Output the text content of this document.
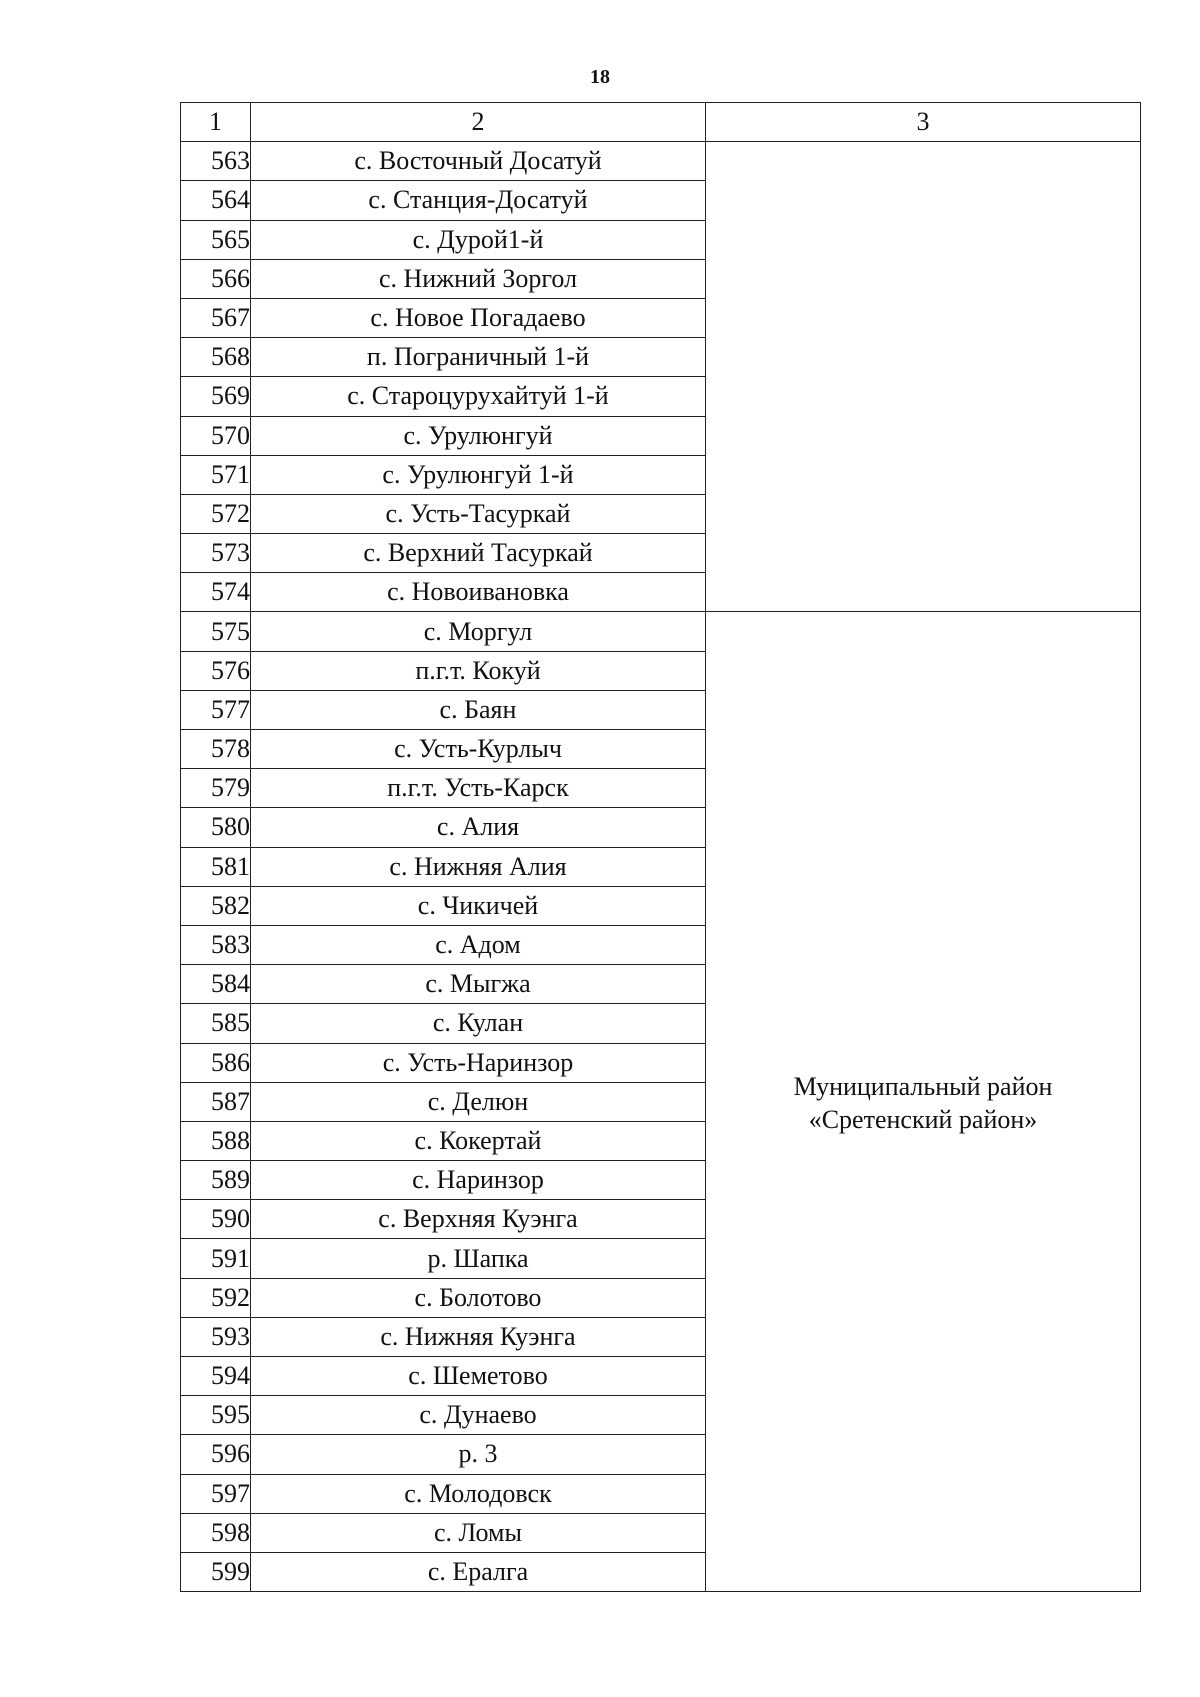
18
1	2	3
563	с. Восточный Досатуй	

564	с. Станция-Досатуй	
565	с. Дурой1-й	
566	с. Нижний Зоргол	
567	с. Новое Погадаево	
568	п. Пограничный 1-й	
569	с. Староцурухайтуй 1-й	
570	с. Урулюнгуй	
571	с. Урулюнгуй 1-й	
572	с. Усть-Тасуркай	
573	с. Верхний Тасуркай	
574	с. Новоивановка	
575	с. Моргул	Муниципальный район
«Сретенский район»

576	п.г.т. Кокуй	
577	с. Баян	
578	с. Усть-Курлыч	
579	п.г.т. Усть-Карск	
580	с. Алия	
581	с. Нижняя Алия	
582	с. Чикичей	
583	с. Адом	
584	с. Мыгжа	
585	с. Кулан	
586	с. Усть-Наринзор	
587	с. Делюн	
588	с. Кокертай	
589	с. Наринзор	
590	с. Верхняя Куэнга	
591	р. Шапка	
592	с. Болотово	
593	с. Нижняя Куэнга	
594	с. Шеметово	
595	с. Дунаево	
596	р. 3	
597	с. Молодовск	
598	с. Ломы	
599	с. Ералга	
